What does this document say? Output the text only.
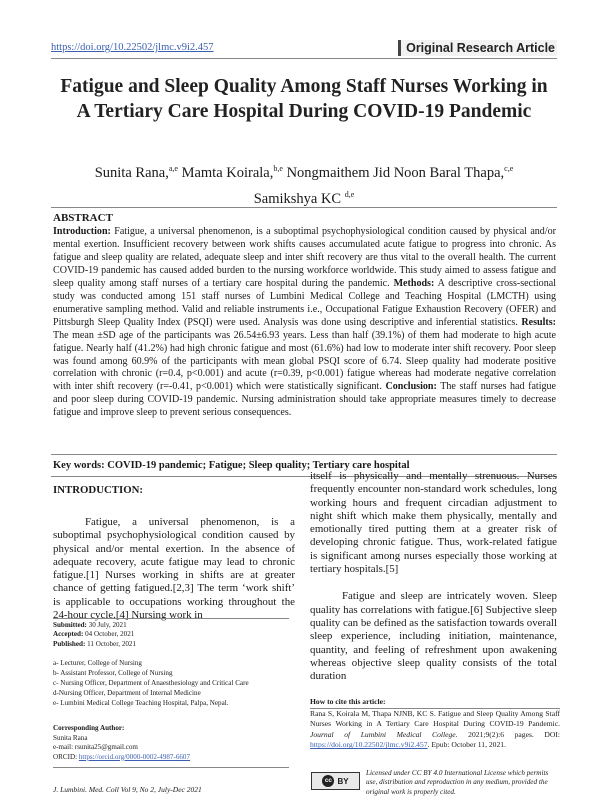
https://doi.org/10.22502/jlmc.v9i2.457	Original Research Article
Fatigue and Sleep Quality Among Staff Nurses Working in A Tertiary Care Hospital During COVID-19 Pandemic
Sunita Rana,$^{a,e}$ Mamta Koirala,$^{b,e}$ Nongmaithem Jid Noon Baral Thapa,$^{c,e}$
Samikshya KC $^{d,e}$
ABSTRACT

Introduction: Fatigue, a universal phenomenon, is a suboptimal psychophysiological condition caused by physical and/or mental exertion. Insufficient recovery between work shifts causes accumulated acute fatigue to progress into chronic. As fatigue and sleep quality are related, adequate sleep and inter shift recovery are thus vital to the overall health. The current COVID-19 pandemic has caused added burden to the nursing workforce worldwide. This study aimed to assess fatigue and sleep quality among staff nurses of a tertiary care hospital during the pandemic. Methods: A descriptive cross-sectional study was conducted among 151 staff nurses of Lumbini Medical College and Teaching Hospital (LMCTH) using enumerative sampling method. Valid and reliable instruments i.e., Occupational Fatigue Exhaustion Recovery (OFER) and Pittsburgh Sleep Quality Index (PSQI) were used. Analysis was done using descriptive and inferential statistics. Results: The mean ±SD age of the participants was 26.54±6.93 years. Less than half (39.1%) of them had moderate to high acute fatigue. Nearly half (41.2%) had high chronic fatigue and most (61.6%) had low to moderate inter shift recovery. Poor sleep was found among 60.9% of the participants with mean global PSQI score of 6.74. Sleep quality had moderate positive correlation with chronic (r=0.4, p<0.001) and acute (r=0.39, p<0.001) fatigue whereas had moderate negative correlation with inter shift recovery (r=-0.41, p<0.001) which were statistically significant. Conclusion: The staff nurses had fatigue and poor sleep during COVID-19 pandemic. Nursing administration should take appropriate measures timely to decrease fatigue and improve sleep to prevent serious consequences.

Key words: COVID-19 pandemic; Fatigue; Sleep quality; Tertiary care hospital
INTRODUCTION:

Fatigue, a universal phenomenon, is a suboptimal psychophysiological condition caused by physical and/or mental exertion. In the absence of adequate recovery, acute fatigue may lead to chronic fatigue.[1] Nurses working in shifts are at greater chance of getting fatigued.[2,3] The term ‘work shift’ is applicable to occupations working throughout the 24-hour cycle.[4] Nursing work in

itself is physically and mentally strenuous. Nurses frequently encounter non-standard work schedules, long working hours and frequent circadian adjustment to night shift which make them physically, mentally and emotionally tired putting them at a greater risk of developing chronic fatigue. Thus, work-related fatigue is significant among nurses especially those working at tertiary hospitals.[5]

Fatigue and sleep are intricately woven. Sleep quality has correlations with fatigue.[6] Subjective sleep quality can be defined as the satisfaction towards overall sleep experience, including initiation, maintenance, quantity, and feeling of refreshment upon awakening whereas objective sleep quality consists of the total duration

Submitted: 30 July, 2021
Accepted: 04 October, 2021
Published: 11 October, 2021
a- Lecturer, College of Nursing
b- Assistant Professor, College of Nursing
c- Nursing Officer, Department of Anaesthesiology and Critical Care
d-Nursing Officer, Department of Internal Medicine
e- Lumbini Medical College Teaching Hospital, Palpa, Nepal.
Corresponding Author:
Sunita Rana
e-mail: rsunita25@gmail.com
ORCID: https://orcid.org/0000-0002-4987-6607
How to cite this article:
Rana S, Koirala M, Thapa NJNB, KC S. Fatigue and Sleep Quality Among Staff Nurses Working in A Tertiary Care Hospital During COVID-19 Pandemic. Journal of Lumbini Medical College. 2021;9(2):6 pages. DOI: https://doi.org/10.22502/jlmc.v9i2.457. Epub: October 11, 2021.
J. Lumbini. Med. Coll Vol 9, No 2, July-Dec 2021
cc BY
Licensed under CC BY 4.0 International License which permits use, distribution and reproduction in any medium, provided the original work is properly cited.
